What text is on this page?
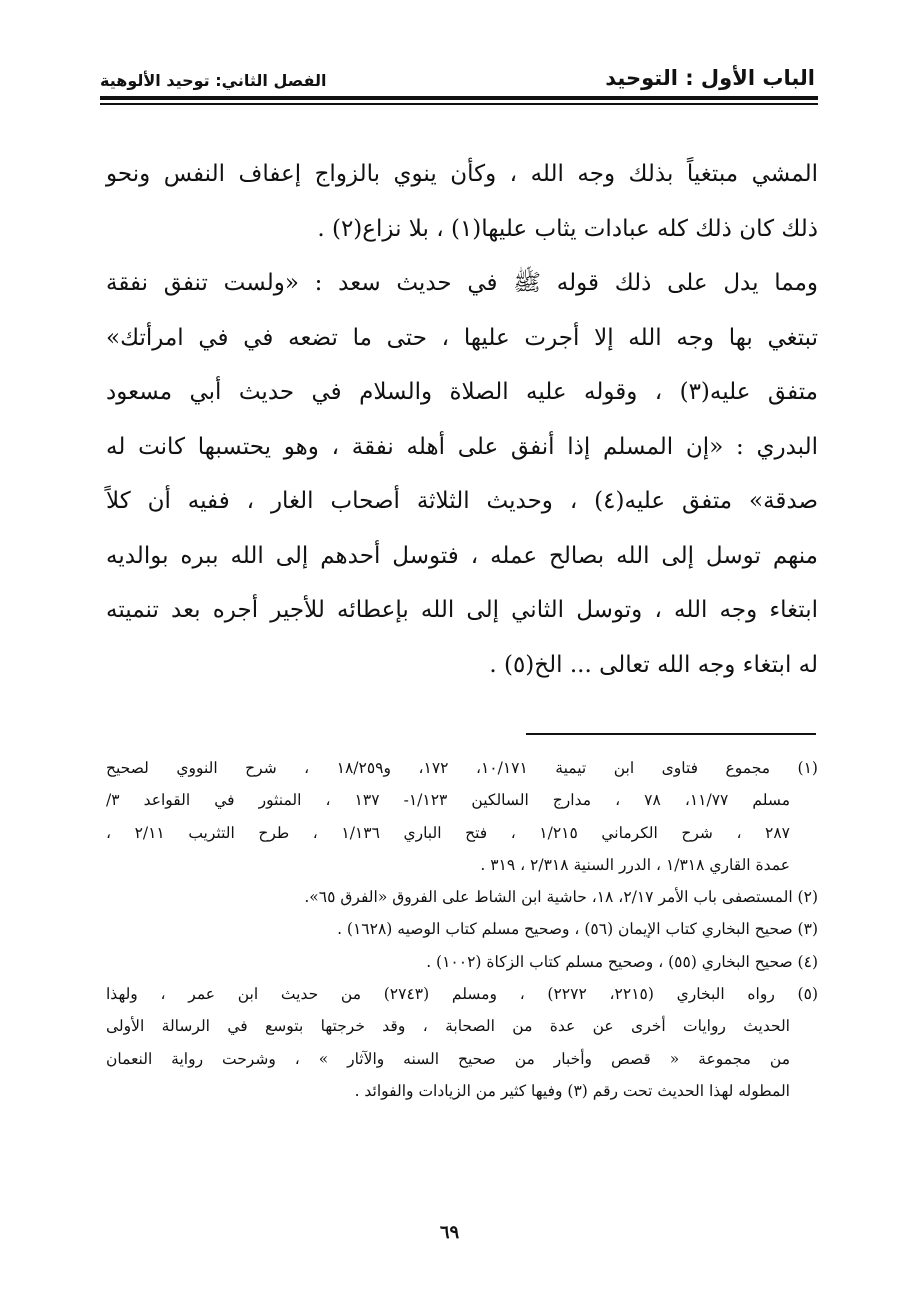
الباب الأول : التوحيد
الفصل الثاني: توحيد الألوهية
المشي مبتغياً بذلك وجه الله ، وكأن ينوي بالزواج إعفاف النفس ونحو
ذلك كان ذلك كله عبادات يثاب عليها(١) ، بلا نزاع(٢) .
ومما يدل على ذلك قوله ﷺ في حديث سعد : «ولست تنفق نفقة
تبتغي بها وجه الله إلا أجرت عليها ، حتى ما تضعه في في امرأتك»
متفق عليه(٣) ، وقوله عليه الصلاة والسلام في حديث أبي مسعود
البدري : «إن المسلم إذا أنفق على أهله نفقة ، وهو يحتسبها كانت له
صدقة» متفق عليه(٤) ، وحديث الثلاثة أصحاب الغار ، ففيه أن كلاً
منهم توسل إلى الله بصالح عمله ، فتوسل أحدهم إلى الله ببره بوالديه
ابتغاء وجه الله ، وتوسل الثاني إلى الله بإعطائه للأجير أجره بعد تنميته
له ابتغاء وجه الله تعالى ... الخ(٥) .
(١) مجموع فتاوى ابن تيمية ١٠/١٧١، ١٧٢، و١٨/٢٥٩ ، شرح النووي لصحيح
مسلم ١١/٧٧، ٧٨ ، مدارج السالكين ١/١٢٣- ١٣٧ ، المنثور في القواعد ٣/
٢٨٧ ، شرح الكرماني ١/٢١٥ ، فتح الباري ١/١٣٦ ، طرح التثريب ٢/١١ ،
عمدة القاري ١/٣١٨ ، الدرر السنية ٢/٣١٨ ، ٣١٩ .
(٢) المستصفى باب الأمر ٢/١٧، ١٨، حاشية ابن الشاط على الفروق «الفرق ٦٥».
(٣) صحيح البخاري كتاب الإيمان (٥٦) ، وصحيح مسلم كتاب الوصيه (١٦٢٨) .
(٤) صحيح البخاري (٥٥) ، وصحيح مسلم كتاب الزكاة (١٠٠٢) .
(٥) رواه البخاري (٢٢١٥، ٢٢٧٢) ، ومسلم (٢٧٤٣) من حديث ابن عمر ، ولهذا
الحديث روايات أخرى عن عدة من الصحابة ، وقد خرجتها بتوسع في الرسالة الأولى
من مجموعة « قصص وأخبار من صحيح السنه والآثار » ، وشرحت رواية النعمان
المطوله لهذا الحديث تحت رقم (٣) وفيها كثير من الزيادات والفوائد .
٦٩
